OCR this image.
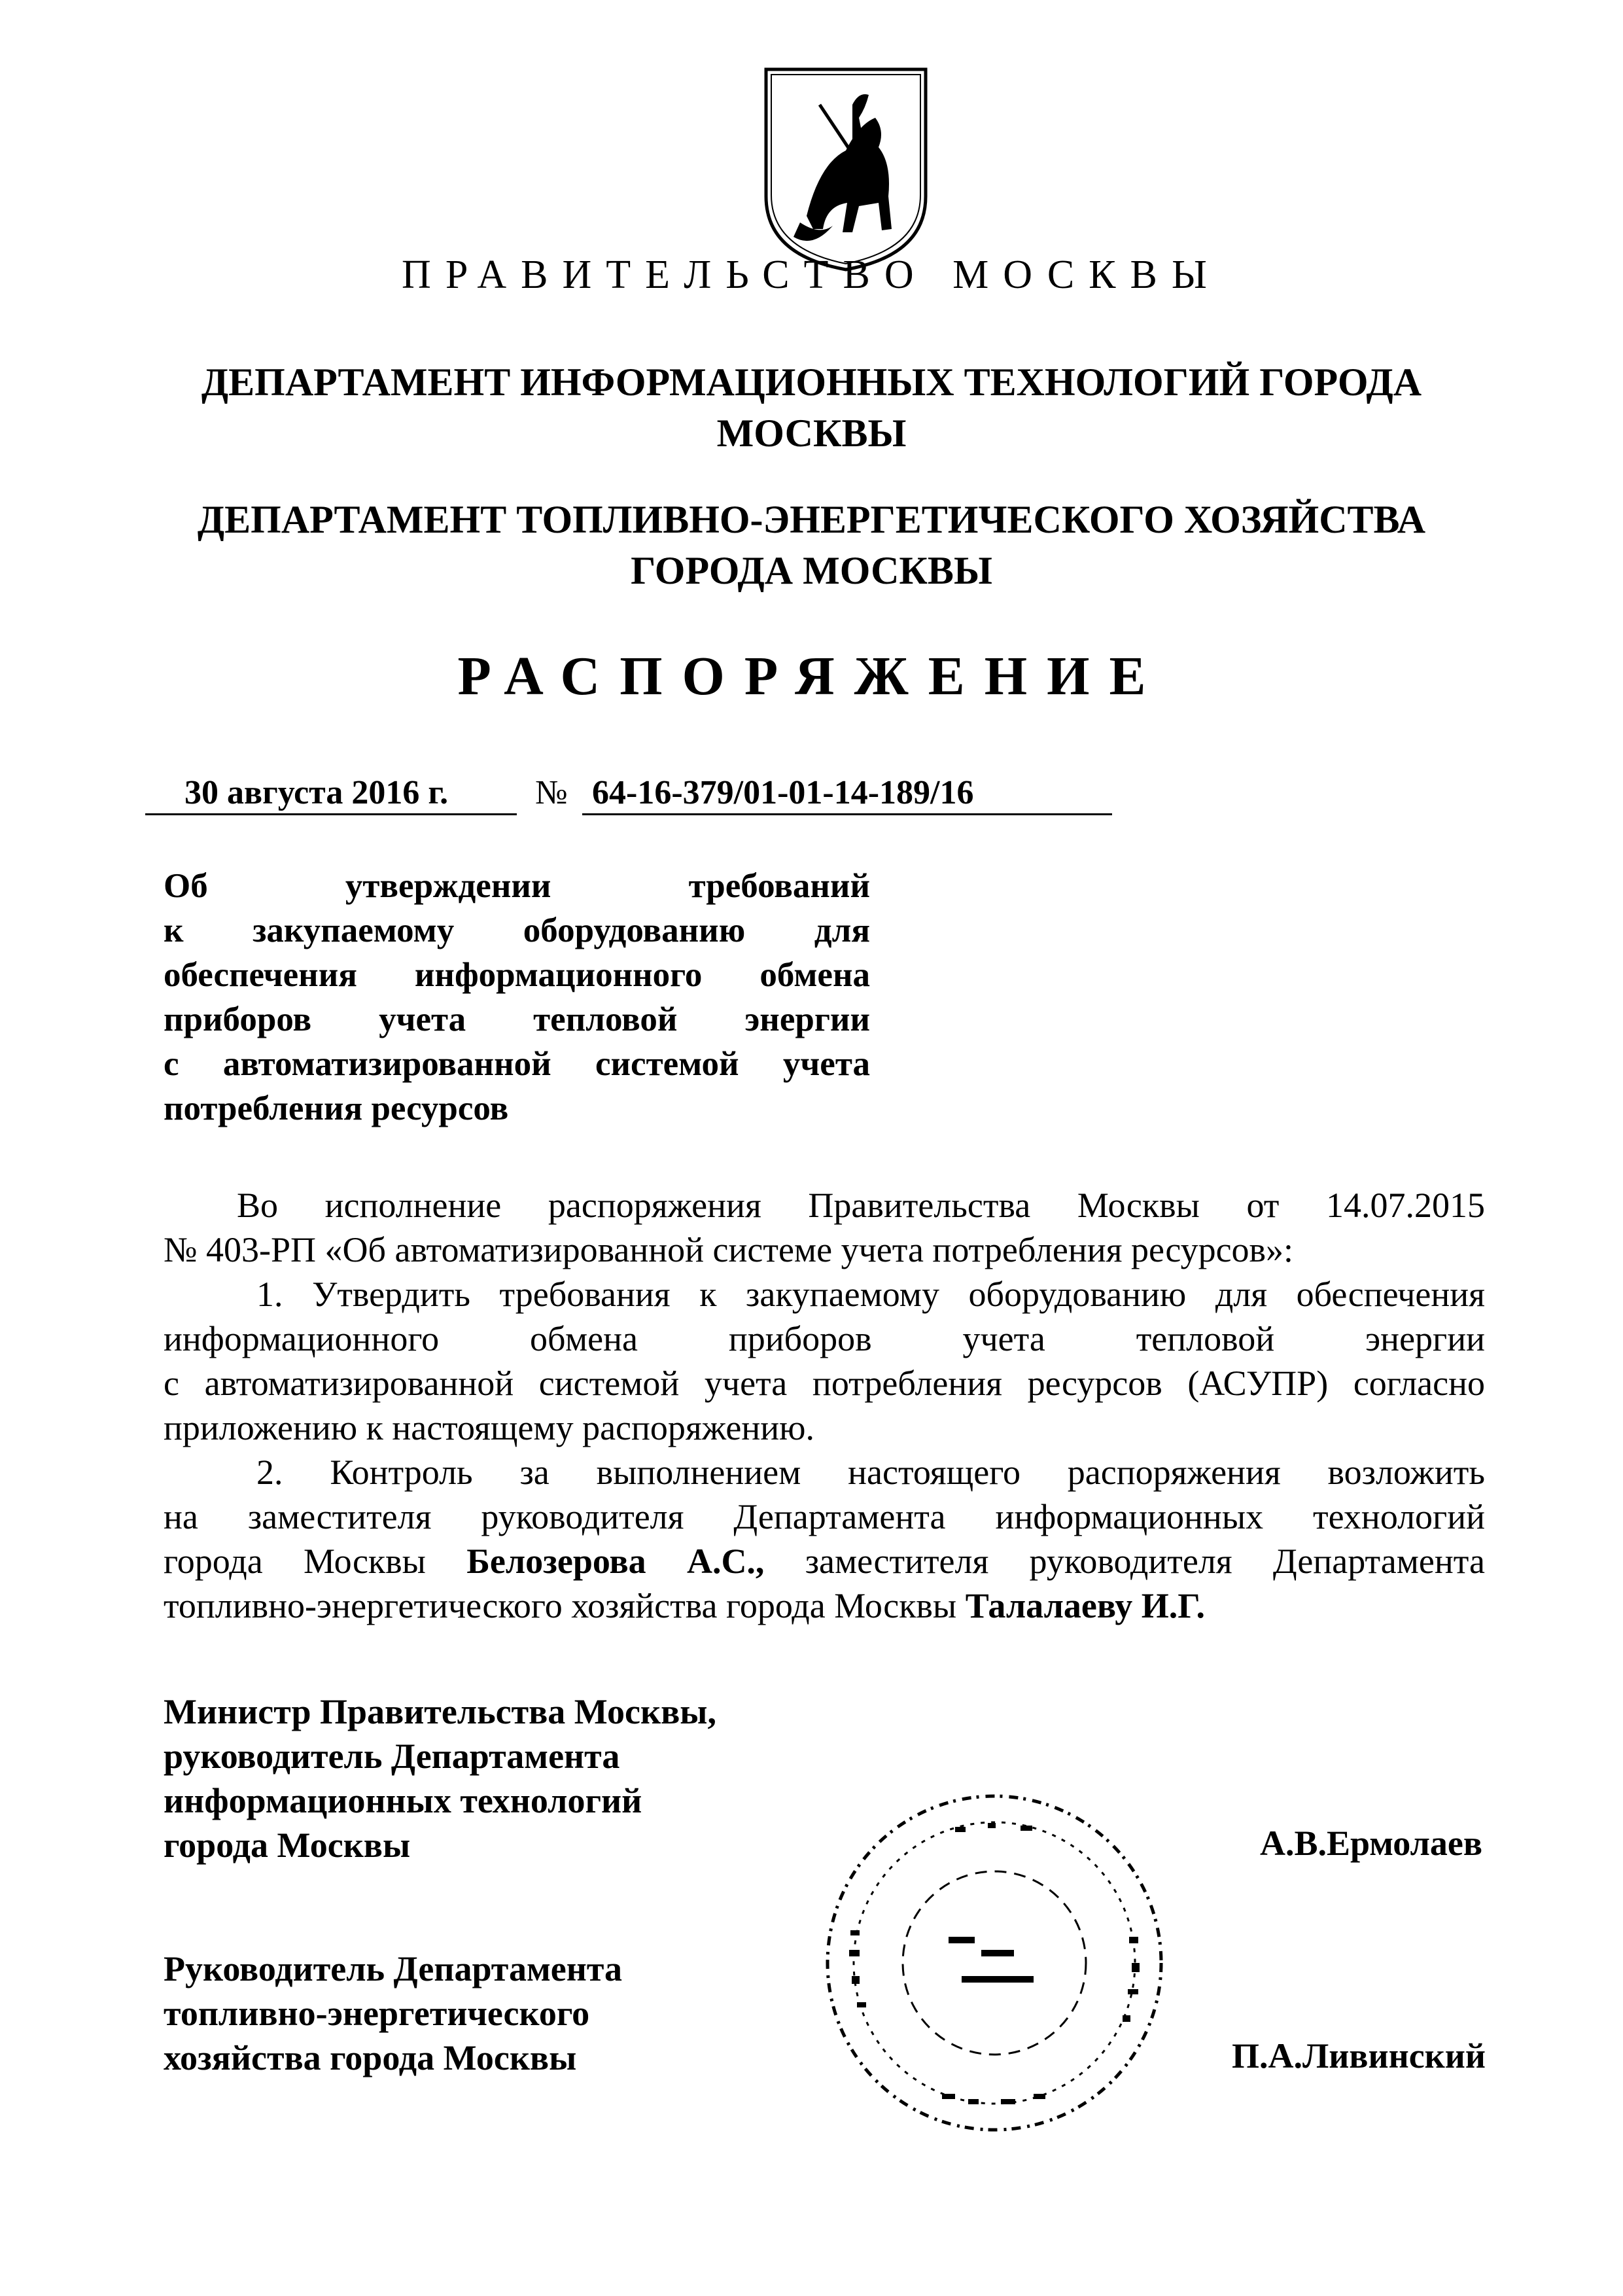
ПРАВИТЕЛЬСТВО МОСКВЫ
ДЕПАРТАМЕНТ ИНФОРМАЦИОННЫХ ТЕХНОЛОГИЙ ГОРОДА
МОСКВЫ
ДЕПАРТАМЕНТ ТОПЛИВНО-ЭНЕРГЕТИЧЕСКОГО ХОЗЯЙСТВА
ГОРОДА МОСКВЫ
РАСПОРЯЖЕНИЕ
30 августа 2016 г.	№ 64-16-379/01-01-14-189/16
Об утверждении требований
к закупаемому оборудованию для
обеспечения информационного обмена
приборов учета тепловой энергии
с автоматизированной системой учета
потребления ресурсов
Во исполнение распоряжения Правительства Москвы от 14.07.2015
№ 403-РП «Об автоматизированной системе учета потребления ресурсов»:
1. Утвердить требования к закупаемому оборудованию для обеспечения
информационного обмена приборов учета тепловой энергии
с автоматизированной системой учета потребления ресурсов (АСУПР) согласно
приложению к настоящему распоряжению.
2. Контроль за выполнением настоящего распоряжения возложить
на заместителя руководителя Департамента информационных технологий
города Москвы Белозерова А.С., заместителя руководителя Департамента
топливно-энергетического хозяйства города Москвы Талалаеву И.Г.
Министр Правительства Москвы,
руководитель Департамента
информационных технологий
города Москвы	А.В.Ермолаев
Руководитель Департамента
топливно-энергетического
хозяйства города Москвы	П.А.Ливинский
